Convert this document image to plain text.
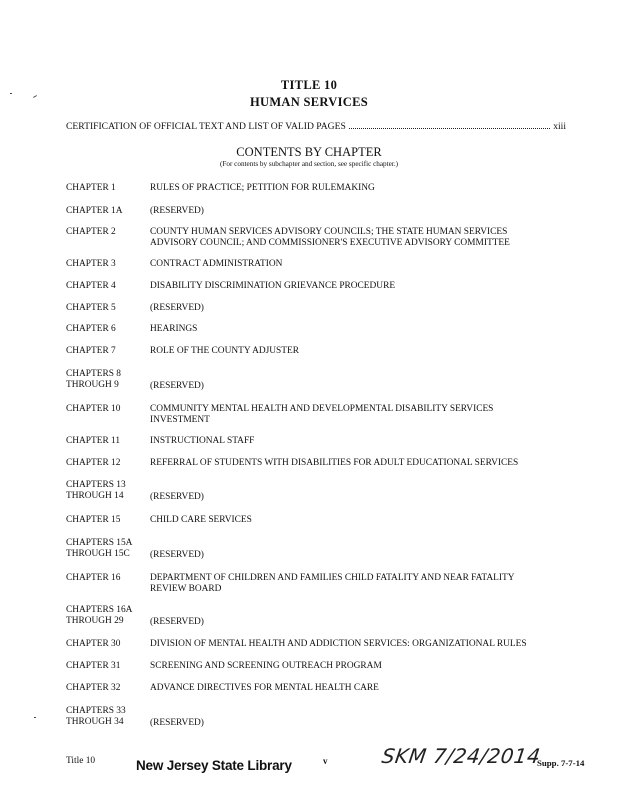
TITLE 10
HUMAN SERVICES
CERTIFICATION OF OFFICIAL TEXT AND LIST OF VALID PAGES	xiii
CONTENTS BY CHAPTER
(For contents by subchapter and section, see specific chapter.)
CHAPTER 1	RULES OF PRACTICE; PETITION FOR RULEMAKING
CHAPTER 1A	(RESERVED)
CHAPTER 2	COUNTY HUMAN SERVICES ADVISORY COUNCILS; THE STATE HUMAN SERVICES ADVISORY COUNCIL; AND COMMISSIONER'S EXECUTIVE ADVISORY COMMITTEE
CHAPTER 3	CONTRACT ADMINISTRATION
CHAPTER 4	DISABILITY DISCRIMINATION GRIEVANCE PROCEDURE
CHAPTER 5	(RESERVED)
CHAPTER 6	HEARINGS
CHAPTER 7	ROLE OF THE COUNTY ADJUSTER
CHAPTERS 8
THROUGH 9	(RESERVED)
CHAPTER 10	COMMUNITY MENTAL HEALTH AND DEVELOPMENTAL DISABILITY SERVICES INVESTMENT
CHAPTER 11	INSTRUCTIONAL STAFF
CHAPTER 12	REFERRAL OF STUDENTS WITH DISABILITIES FOR ADULT EDUCATIONAL SERVICES
CHAPTERS 13
THROUGH 14	(RESERVED)
CHAPTER 15	CHILD CARE SERVICES
CHAPTERS 15A
THROUGH 15C	(RESERVED)
CHAPTER 16	DEPARTMENT OF CHILDREN AND FAMILIES CHILD FATALITY AND NEAR FATALITY REVIEW BOARD
CHAPTERS 16A
THROUGH 29	(RESERVED)
CHAPTER 30	DIVISION OF MENTAL HEALTH AND ADDICTION SERVICES: ORGANIZATIONAL RULES
CHAPTER 31	SCREENING AND SCREENING OUTREACH PROGRAM
CHAPTER 32	ADVANCE DIRECTIVES FOR MENTAL HEALTH CARE
CHAPTERS 33
THROUGH 34	(RESERVED)
Title 10	New Jersey State Library	v	SKM 7/24/2014
Supp. 7-7-14
